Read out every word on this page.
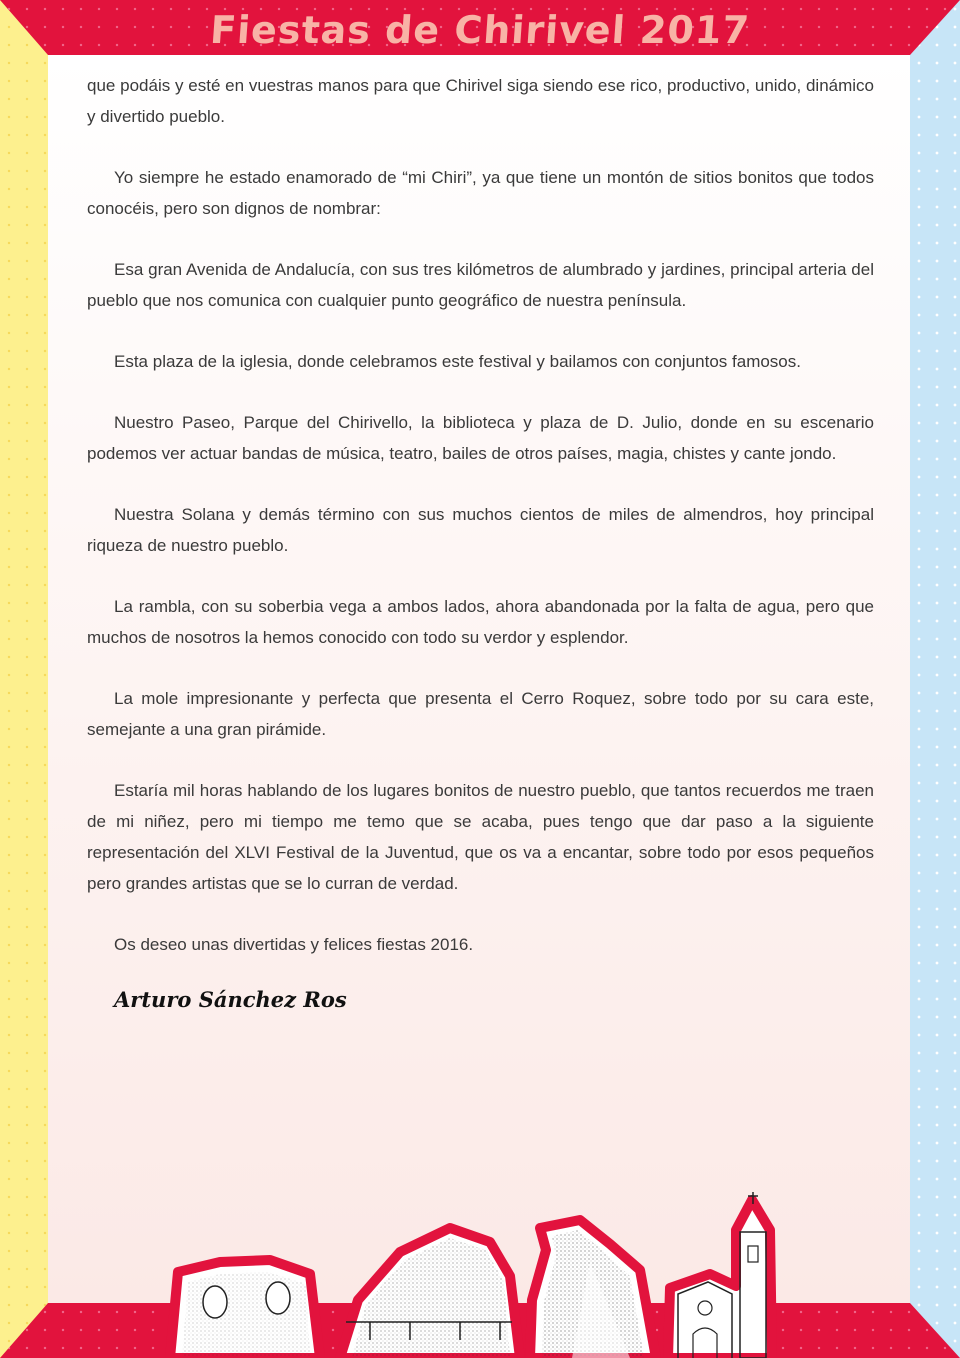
Fiestas de Chirivel 2017

que podáis y esté en vuestras manos para que Chirivel siga siendo ese rico, productivo, unido, dinámico y divertido pueblo.

Yo siempre he estado enamorado de “mi Chiri”, ya que tiene un montón de sitios bonitos que todos conocéis, pero son dignos de nombrar:

Esa gran Avenida de Andalucía, con sus tres kilómetros de alumbrado y jardines, principal arteria del pueblo que nos comunica con cualquier punto geográfico de nuestra península.

Esta plaza de la iglesia, donde celebramos este festival y bailamos con conjuntos famosos.

Nuestro Paseo, Parque del Chirivello, la biblioteca y plaza de D. Julio, donde en su escenario podemos ver actuar bandas de música, teatro, bailes de otros países, magia, chistes y cante jondo.

Nuestra Solana y demás término con sus muchos cientos de miles de almendros, hoy principal riqueza de nuestro pueblo.

La rambla, con su soberbia vega a ambos lados, ahora abandonada por la falta de agua, pero que muchos de nosotros la hemos conocido con todo su verdor y esplendor.

La mole impresionante y perfecta que presenta el Cerro Roquez, sobre todo por su cara este, semejante a una gran pirámide.

Estaría mil horas hablando de los lugares bonitos de nuestro pueblo, que tantos recuerdos me traen de mi niñez, pero mi tiempo me temo que se acaba, pues tengo que dar paso a la siguiente representación del XLVI Festival de la Juventud, que os va a encantar, sobre todo por esos pequeños pero grandes artistas que se lo curran de verdad.

Os deseo unas divertidas y felices fiestas 2016.

Arturo Sánchez Ros
